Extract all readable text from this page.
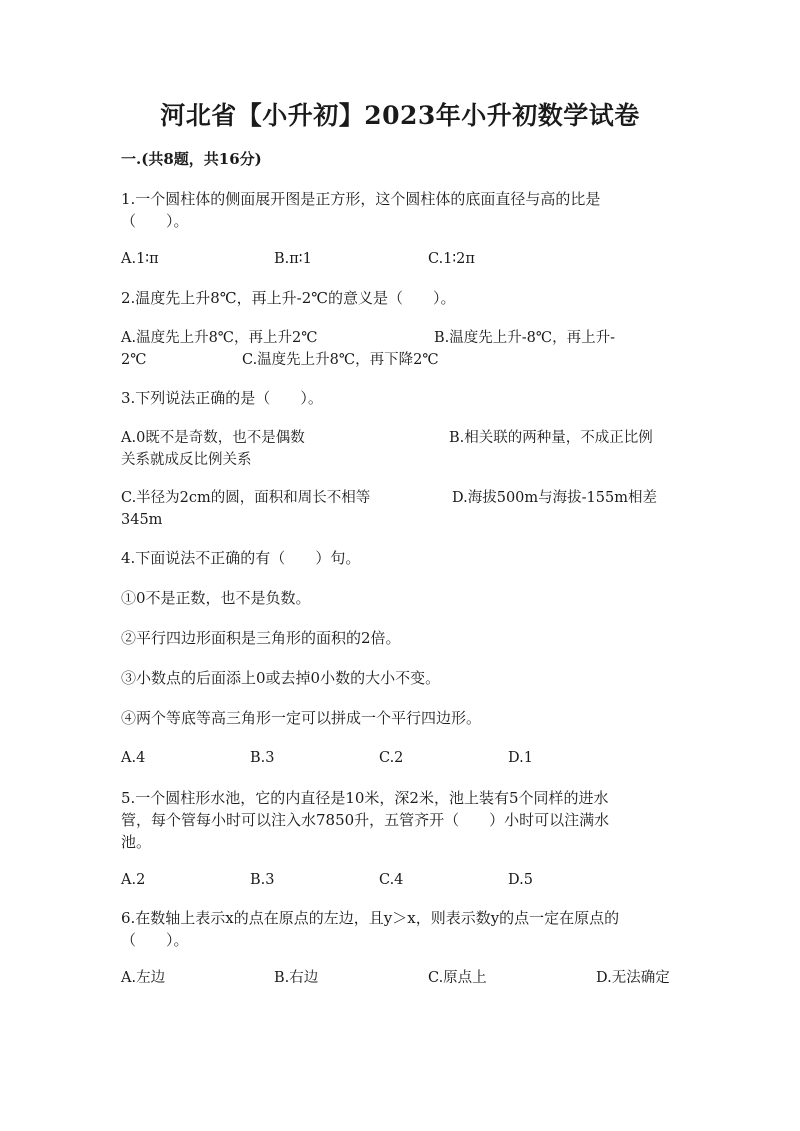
河北省【小升初】2023年小升初数学试卷
一.(共8题，共16分)
1.一个圆柱体的侧面展开图是正方形，这个圆柱体的底面直径与高的比是
（　　）。
A.1∶π	B.π∶1	C.1∶2π
2.温度先上升8℃，再上升-2℃的意义是（　　）。
A.温度先上升8℃，再上升2℃	B.温度先上升-8℃，再上升-
2℃	C.温度先上升8℃，再下降2℃
3.下列说法正确的是（　　）。
A.0既不是奇数，也不是偶数	B.相关联的两种量，不成正比例
关系就成反比例关系
C.半径为2cm的圆，面积和周长不相等	D.海拔500m与海拔-155m相差
345m
4.下面说法不正确的有（　　）句。
①0不是正数，也不是负数。
②平行四边形面积是三角形的面积的2倍。
③小数点的后面添上0或去掉0小数的大小不变。
④两个等底等高三角形一定可以拼成一个平行四边形。
A.4	B.3	C.2	D.1
5.一个圆柱形水池，它的内直径是10米，深2米，池上装有5个同样的进水
管，每个管每小时可以注入水7850升，五管齐开（　　）小时可以注满水
池。
A.2	B.3	C.4	D.5
6.在数轴上表示x的点在原点的左边，且y＞x，则表示数y的点一定在原点的
（　　）。
A.左边	B.右边	C.原点上	D.无法确定
